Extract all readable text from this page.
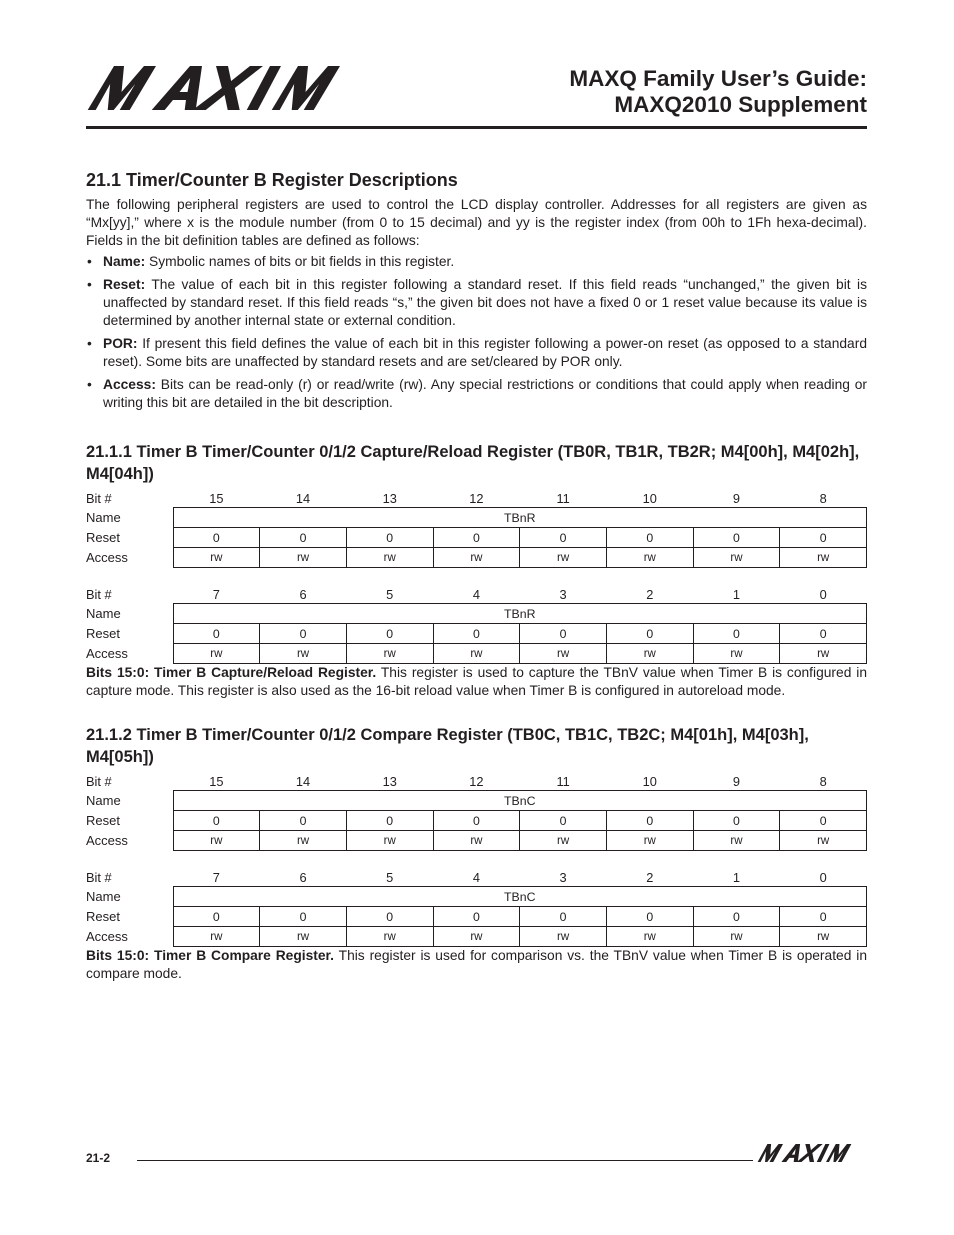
MAXQ Family User’s Guide:
MAXQ2010 Supplement
21.1 Timer/Counter B Register Descriptions

The following peripheral registers are used to control the LCD display controller. Addresses for all registers are given as “Mx[yy],” where x is the module number (from 0 to 15 decimal) and yy is the register index (from 00h to 1Fh hexa-decimal). Fields in the bit definition tables are defined as follows:

• Name: Symbolic names of bits or bit fields in this register.
• Reset: The value of each bit in this register following a standard reset. If this field reads “unchanged,” the given bit is unaffected by standard reset. If this field reads “s,” the given bit does not have a fixed 0 or 1 reset value because its value is determined by another internal state or external condition.
• POR: If present this field defines the value of each bit in this register following a power-on reset (as opposed to a standard reset). Some bits are unaffected by standard resets and are set/cleared by POR only.
• Access: Bits can be read-only (r) or read/write (rw). Any special restrictions or conditions that could apply when reading or writing this bit are detailed in the bit description.
21.1.1 Timer B Timer/Counter 0/1/2 Capture/Reload Register (TB0R, TB1R, TB2R; M4[00h], M4[02h], M4[04h])
Bit #	15	14	13	12	11	10	9	8
Name	TBnR							
Reset	0	0	0	0	0	0	0	0
Access	rw	rw	rw	rw	rw	rw	rw	rw
Bit #	7	6	5	4	3	2	1	0
Name	TBnR							
Reset	0	0	0	0	0	0	0	0
Access	rw	rw	rw	rw	rw	rw	rw	rw

Bits 15:0: Timer B Capture/Reload Register. This register is used to capture the TBnV value when Timer B is configured in capture mode. This register is also used as the 16-bit reload value when Timer B is configured in autoreload mode.

21.1.2 Timer B Timer/Counter 0/1/2 Compare Register (TB0C, TB1C, TB2C; M4[01h], M4[03h], M4[05h])
Bit #	15	14	13	12	11	10	9	8
Name	TBnC							
Reset	0	0	0	0	0	0	0	0
Access	rw	rw	rw	rw	rw	rw	rw	rw
Bit #	7	6	5	4	3	2	1	0
Name	TBnC							
Reset	0	0	0	0	0	0	0	0
Access	rw	rw	rw	rw	rw	rw	rw	rw

Bits 15:0: Timer B Compare Register. This register is used for comparison vs. the TBnV value when Timer B is operated in compare mode.

21-2
